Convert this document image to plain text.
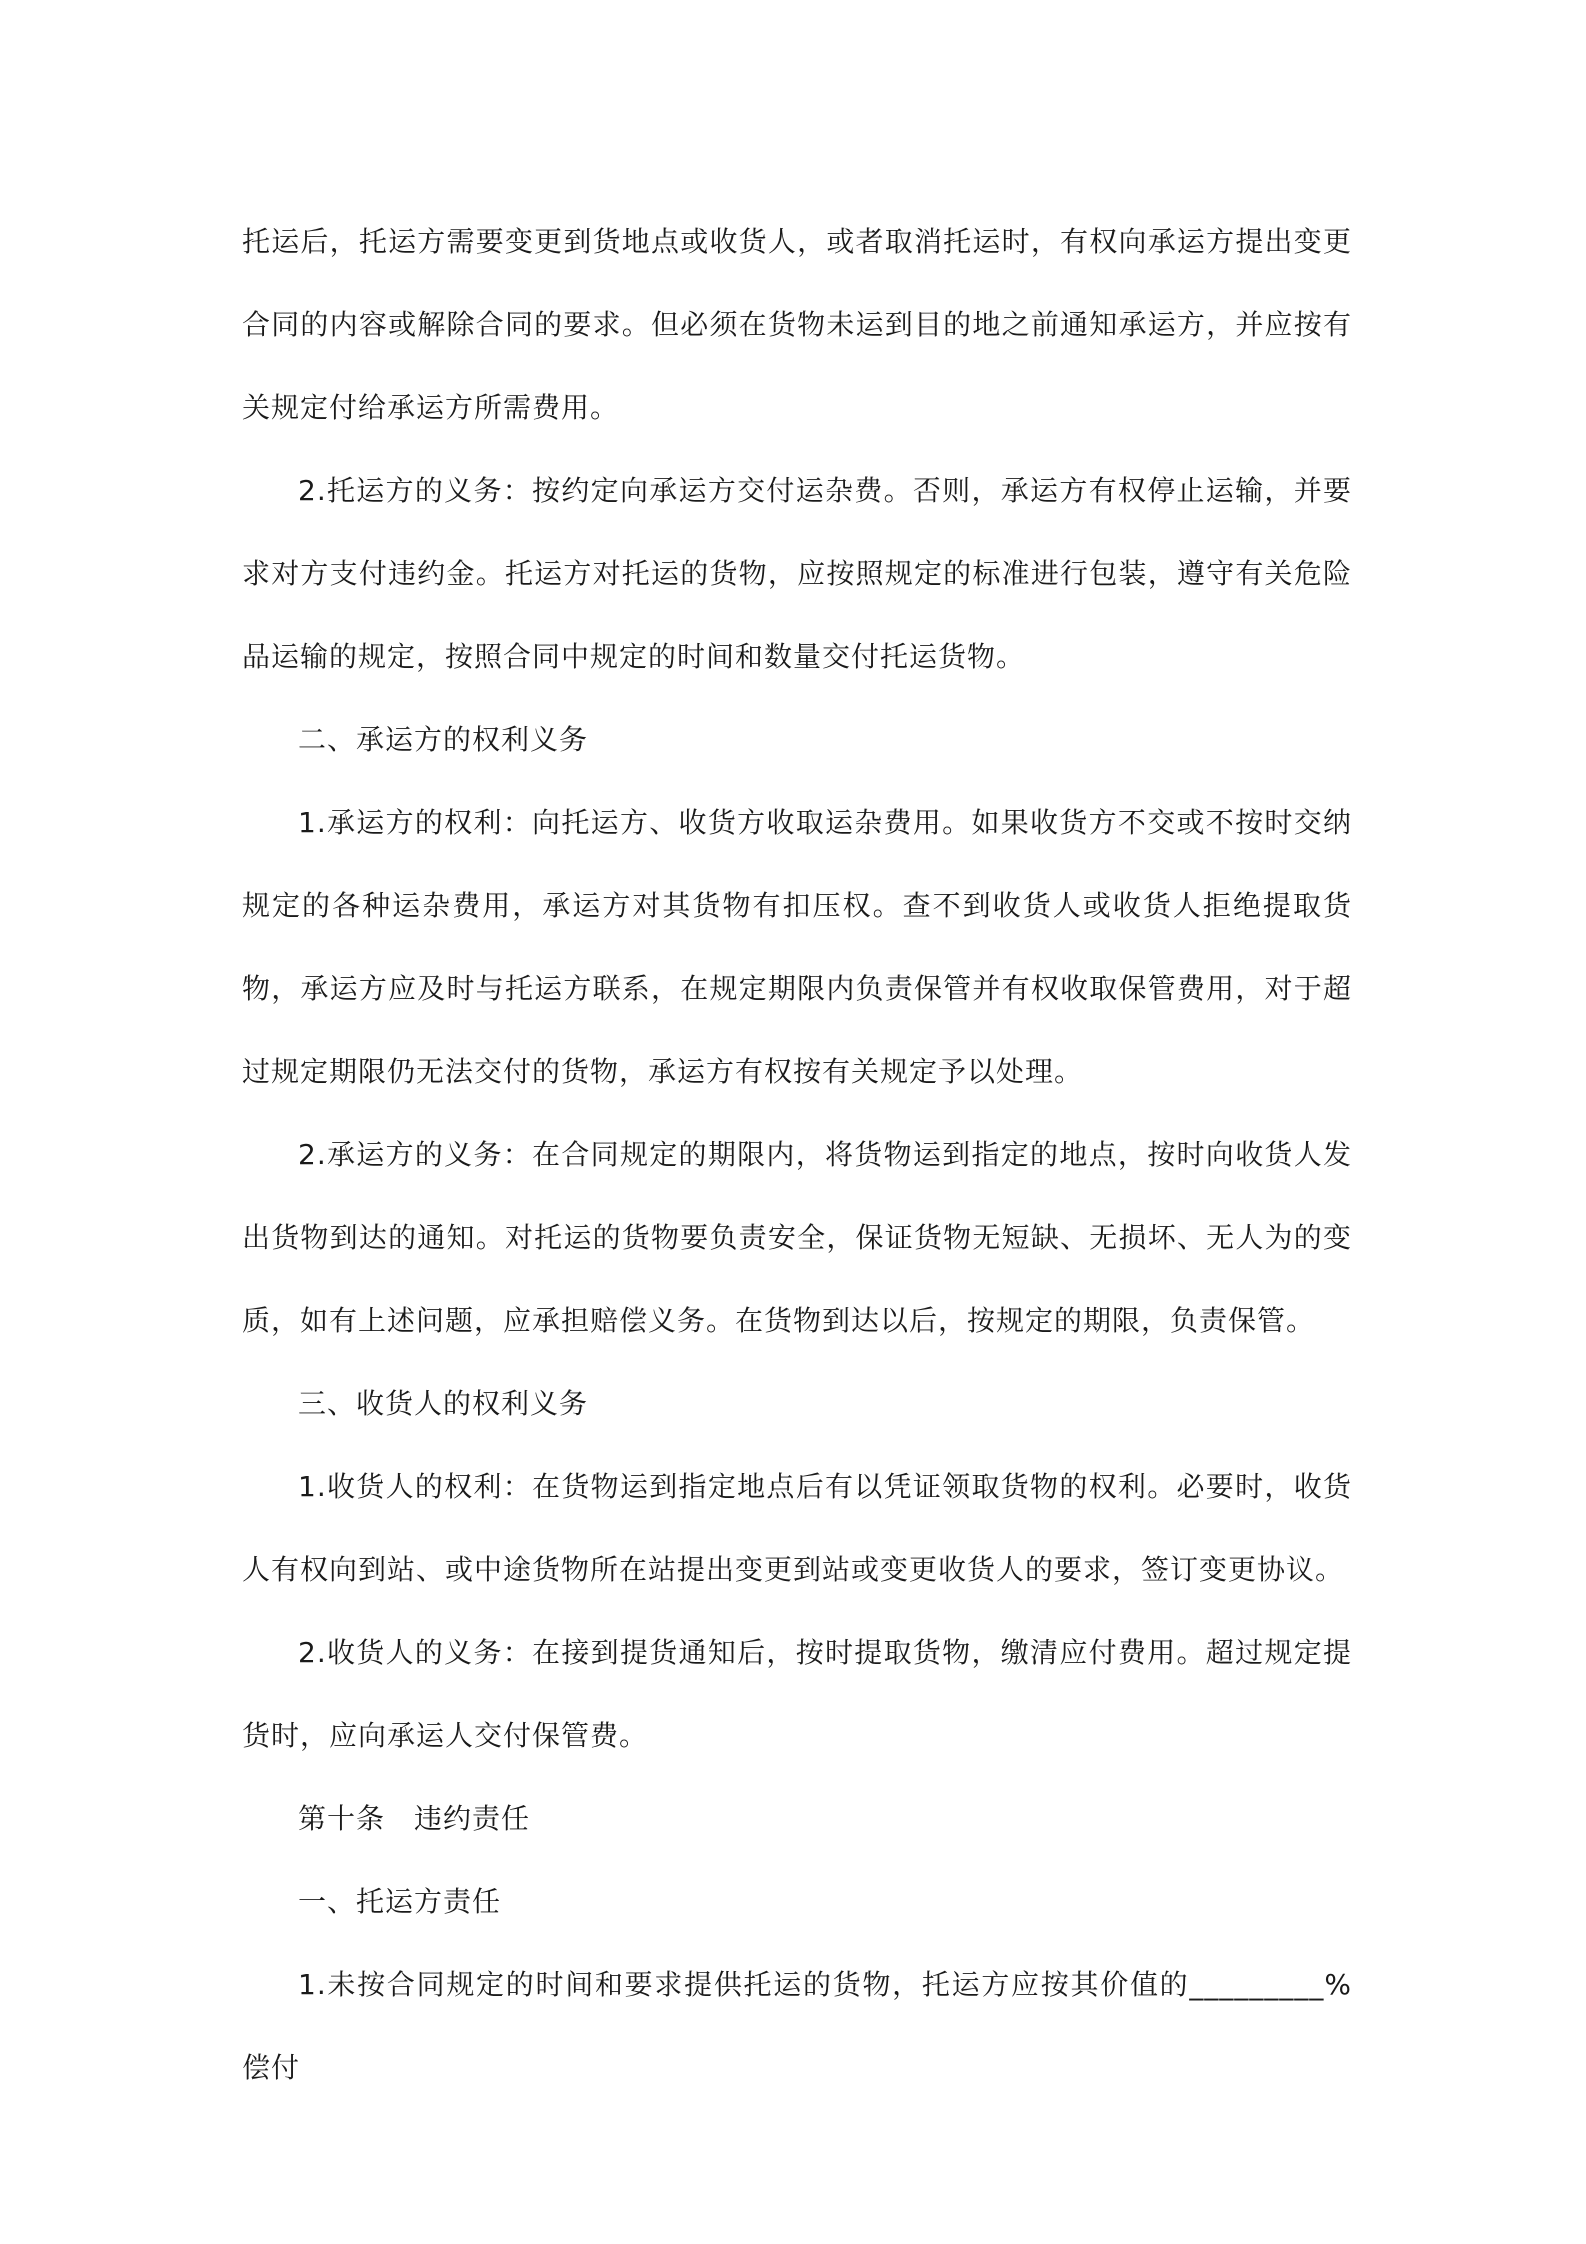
托运后，托运方需要变更到货地点或收货人，或者取消托运时，有权向承运方提出变更合同的内容或解除合同的要求。但必须在货物未运到目的地之前通知承运方，并应按有关规定付给承运方所需费用。

2.托运方的义务：按约定向承运方交付运杂费。否则，承运方有权停止运输，并要求对方支付违约金。托运方对托运的货物，应按照规定的标准进行包装，遵守有关危险品运输的规定，按照合同中规定的时间和数量交付托运货物。

二、承运方的权利义务

1.承运方的权利：向托运方、收货方收取运杂费用。如果收货方不交或不按时交纳规定的各种运杂费用，承运方对其货物有扣压权。查不到收货人或收货人拒绝提取货物，承运方应及时与托运方联系，在规定期限内负责保管并有权收取保管费用，对于超过规定期限仍无法交付的货物，承运方有权按有关规定予以处理。

2.承运方的义务：在合同规定的期限内，将货物运到指定的地点，按时向收货人发出货物到达的通知。对托运的货物要负责安全，保证货物无短缺、无损坏、无人为的变质，如有上述问题，应承担赔偿义务。在货物到达以后，按规定的期限，负责保管。

三、收货人的权利义务

1.收货人的权利：在货物运到指定地点后有以凭证领取货物的权利。必要时，收货人有权向到站、或中途货物所在站提出变更到站或变更收货人的要求，签订变更协议。

2.收货人的义务：在接到提货通知后，按时提取货物，缴清应付费用。超过规定提货时，应向承运人交付保管费。

第十条　违约责任

一、托运方责任

1.未按合同规定的时间和要求提供托运的货物，托运方应按其价值的_________%偿付
